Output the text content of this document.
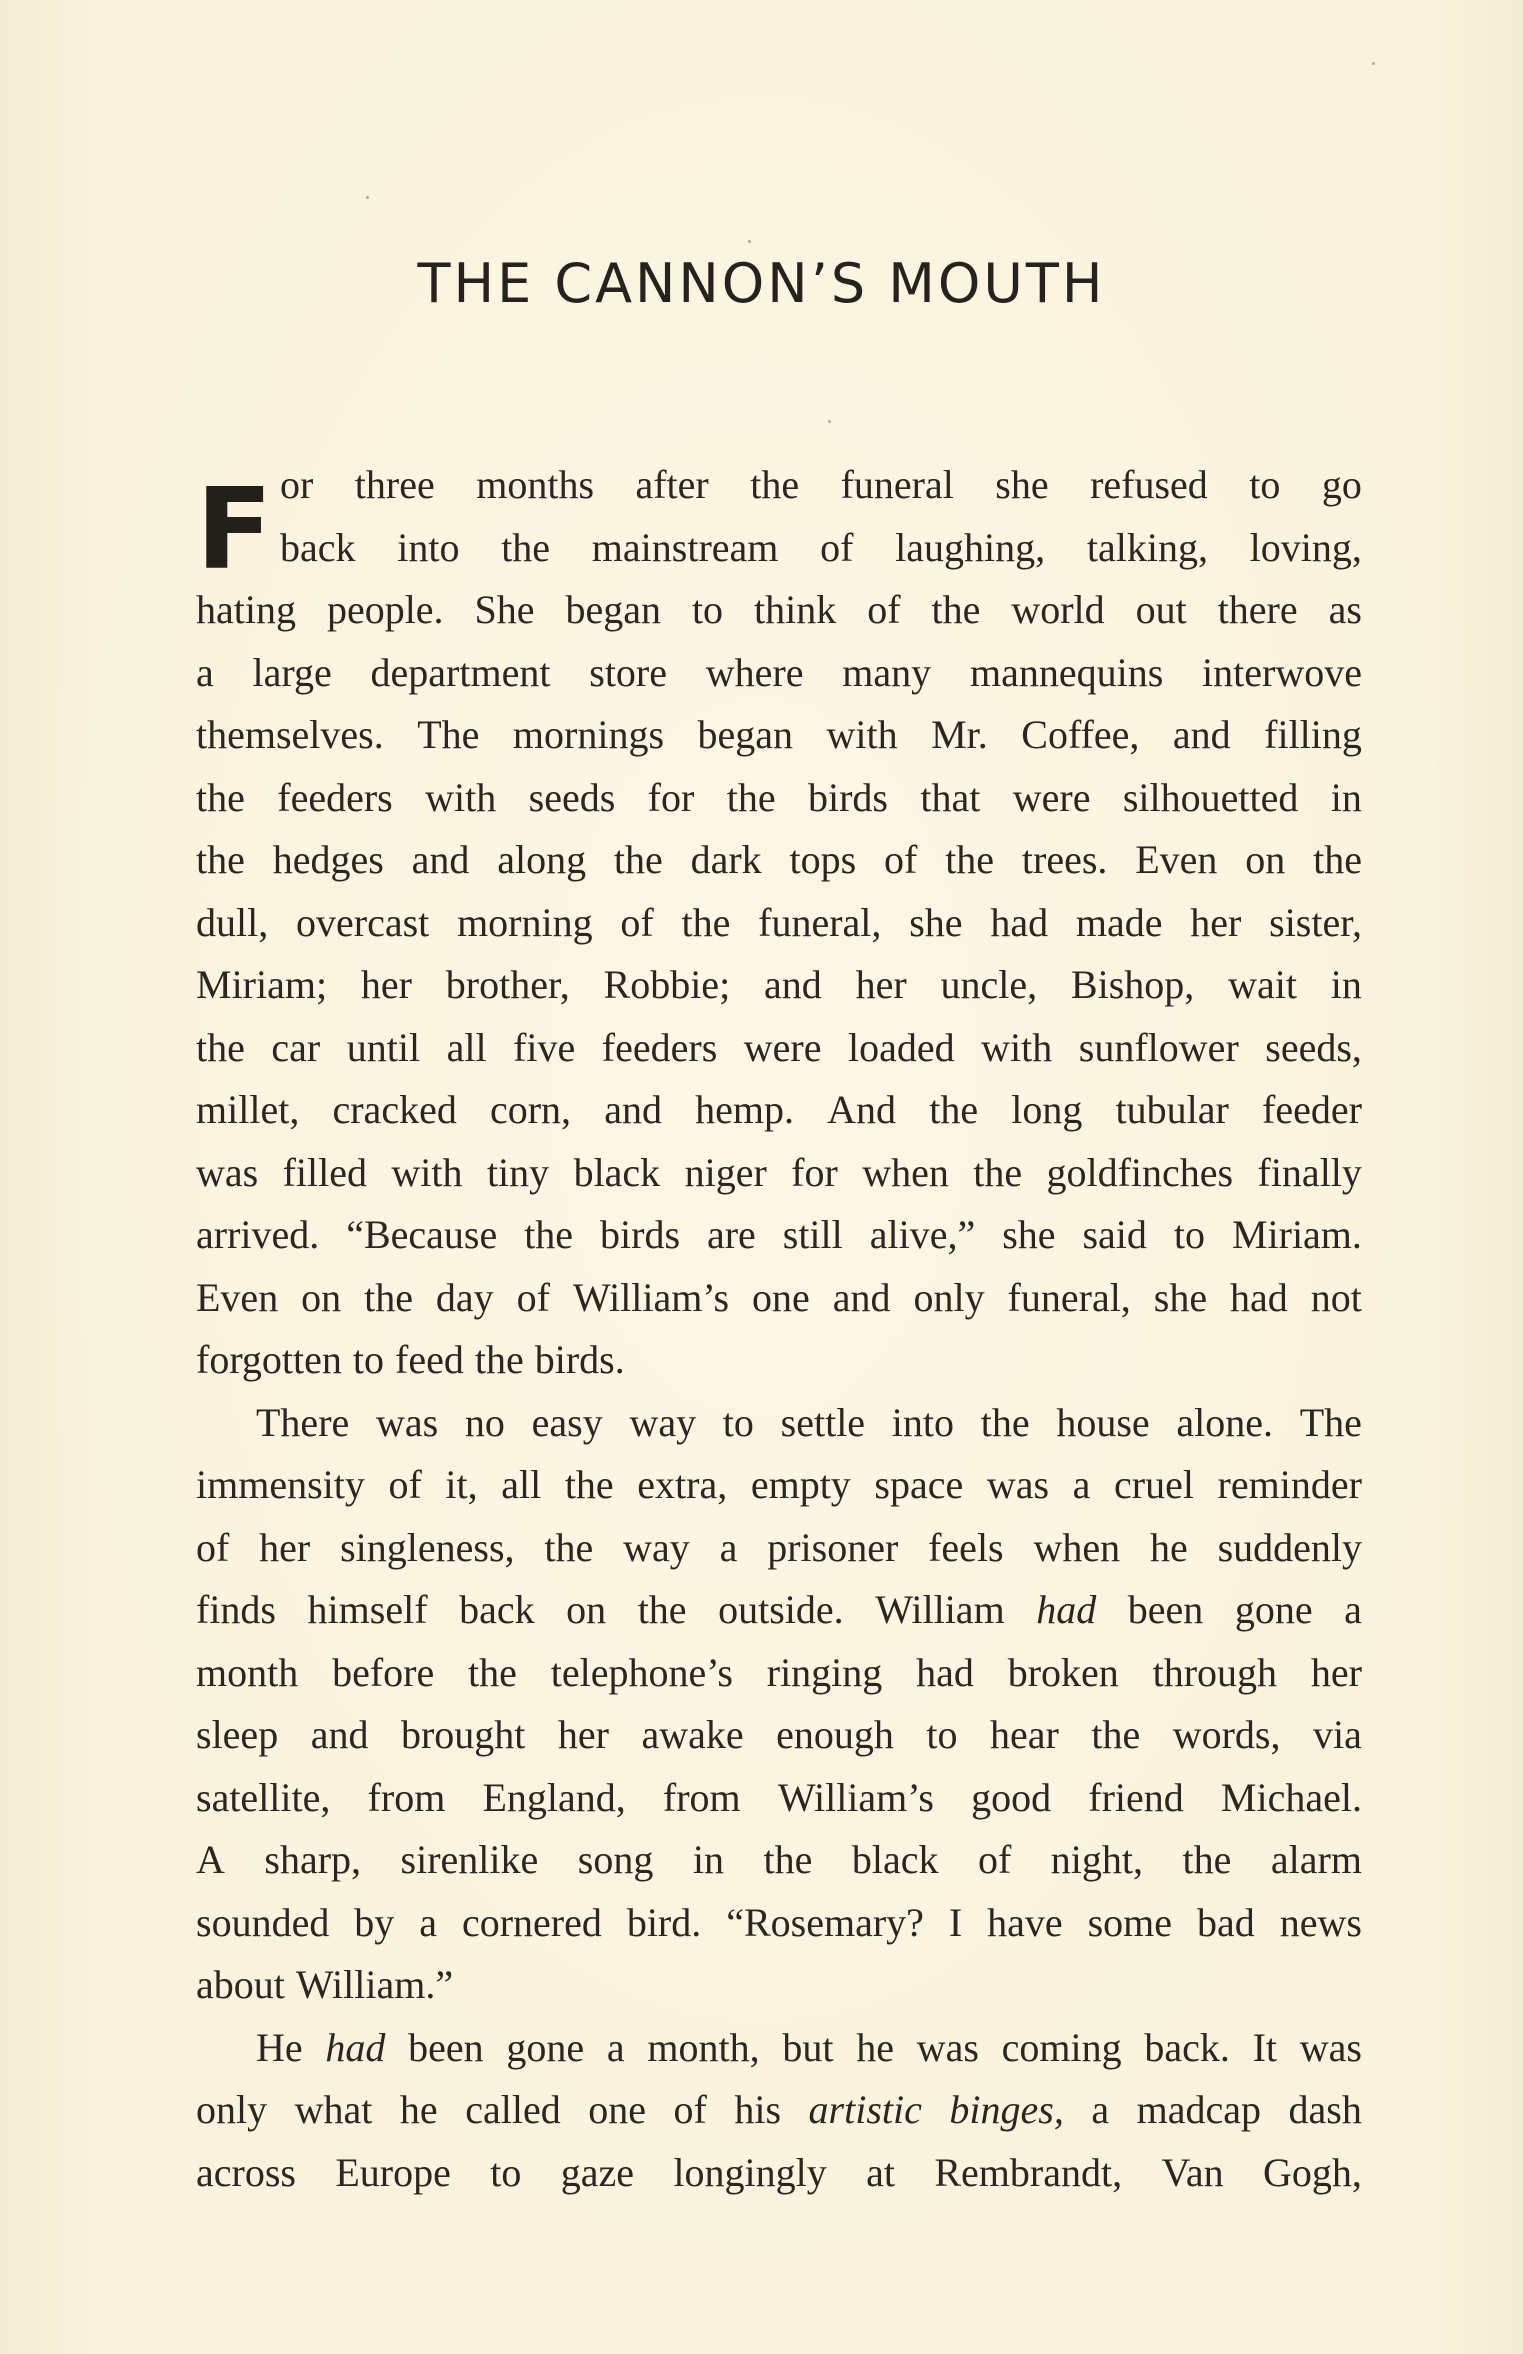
THE CANNON’S MOUTH
F or three months after the funeral she refused to go
back into the mainstream of laughing, talking, loving,
hating people. She began to think of the world out there as
a large department store where many mannequins interwove
themselves. The mornings began with Mr. Coffee, and filling
the feeders with seeds for the birds that were silhouetted in
the hedges and along the dark tops of the trees. Even on the
dull, overcast morning of the funeral, she had made her sister,
Miriam; her brother, Robbie; and her uncle, Bishop, wait in
the car until all five feeders were loaded with sunflower seeds,
millet, cracked corn, and hemp. And the long tubular feeder
was filled with tiny black niger for when the goldfinches finally
arrived. “Because the birds are still alive,” she said to Miriam.
Even on the day of William’s one and only funeral, she had not
forgotten to feed the birds.
There was no easy way to settle into the house alone. The
immensity of it, all the extra, empty space was a cruel reminder
of her singleness, the way a prisoner feels when he suddenly
finds himself back on the outside. William had been gone a
month before the telephone’s ringing had broken through her
sleep and brought her awake enough to hear the words, via
satellite, from England, from William’s good friend Michael.
A sharp, sirenlike song in the black of night, the alarm
sounded by a cornered bird. “Rosemary? I have some bad news
about William.”
He had been gone a month, but he was coming back. It was
only what he called one of his artistic binges, a madcap dash
across Europe to gaze longingly at Rembrandt, Van Gogh,
